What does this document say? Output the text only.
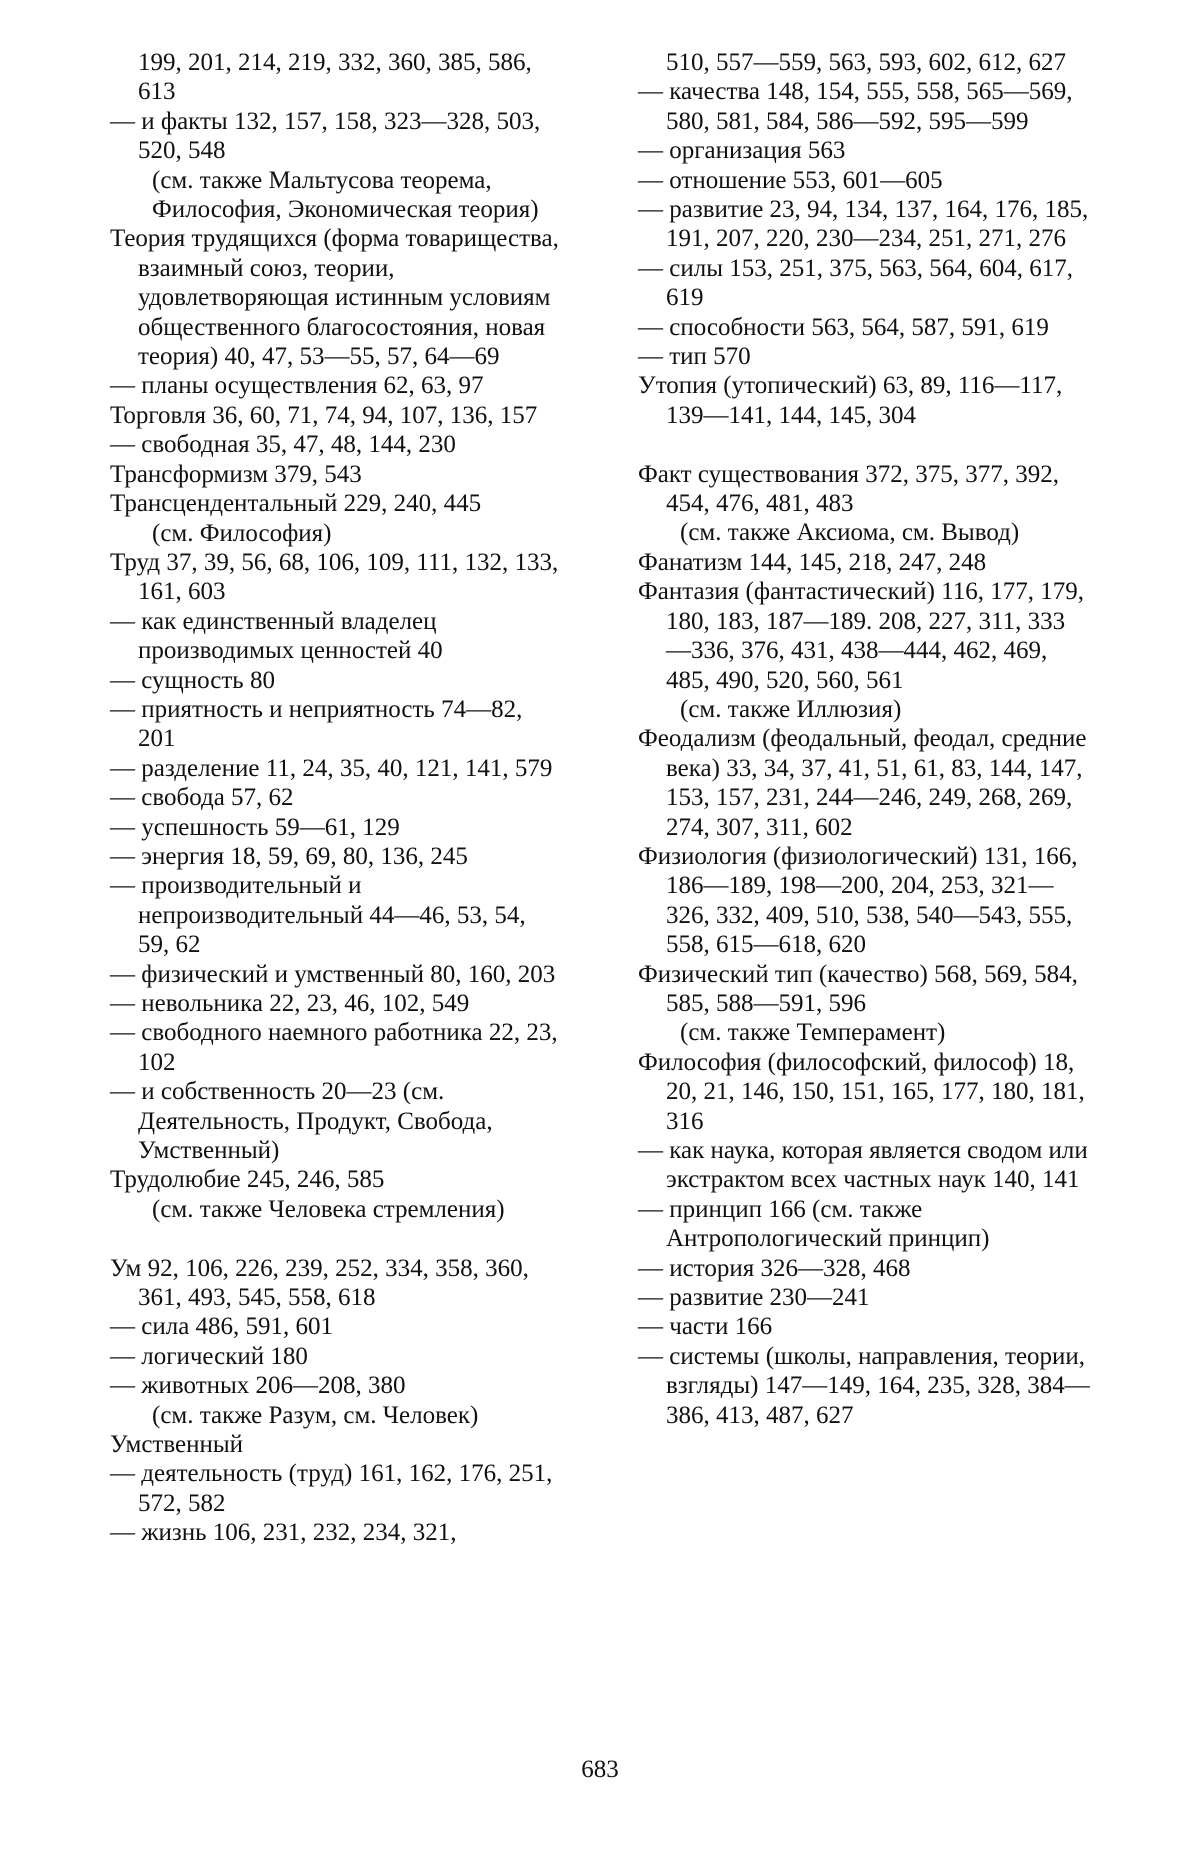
199, 201, 214, 219, 332, 360, 385, 586, 613
— и факты 132, 157, 158, 323—328, 503, 520, 548
(см. также Мальтусова теорема, Философия, Экономическая теория)
Теория трудящихся (форма товарищества, взаимный союз, теории, удовлетворяющая истинным условиям общественного благосостояния, новая теория) 40, 47, 53—55, 57, 64—69
— планы осуществления 62, 63, 97
Торговля 36, 60, 71, 74, 94, 107, 136, 157
— свободная 35, 47, 48, 144, 230
Трансформизм 379, 543
Трансцендентальный 229, 240, 445
(см. Философия)
Труд 37, 39, 56, 68, 106, 109, 111, 132, 133, 161, 603
— как единственный владелец производимых ценностей 40
— сущность 80
— приятность и неприятность 74—82, 201
— разделение 11, 24, 35, 40, 121, 141, 579
— свобода 57, 62
— успешность 59—61, 129
— энергия 18, 59, 69, 80, 136, 245
— производительный и непроизводительный 44—46, 53, 54, 59, 62
— физический и умственный 80, 160, 203
— невольника 22, 23, 46, 102, 549
— свободного наемного работника 22, 23, 102
— и собственность 20—23 (см. Деятельность, Продукт, Свобода, Умственный)
Трудолюбие 245, 246, 585
(см. также Человека стремления)
Ум 92, 106, 226, 239, 252, 334, 358, 360, 361, 493, 545, 558, 618
— сила 486, 591, 601
— логический 180
— животных 206—208, 380
(см. также Разум, см. Человек)
Умственный
— деятельность (труд) 161, 162, 176, 251, 572, 582
— жизнь 106, 231, 232, 234, 321,
510, 557—559, 563, 593, 602, 612, 627
— качества 148, 154, 555, 558, 565—569, 580, 581, 584, 586—592, 595—599
— организация 563
— отношение 553, 601—605
— развитие 23, 94, 134, 137, 164, 176, 185, 191, 207, 220, 230—234, 251, 271, 276
— силы 153, 251, 375, 563, 564, 604, 617, 619
— способности 563, 564, 587, 591, 619
— тип 570
Утопия (утопический) 63, 89, 116—117, 139—141, 144, 145, 304
Факт существования 372, 375, 377, 392, 454, 476, 481, 483
(см. также Аксиома, см. Вывод)
Фанатизм 144, 145, 218, 247, 248
Фантазия (фантастический) 116, 177, 179, 180, 183, 187—189. 208, 227, 311, 333—336, 376, 431, 438—444, 462, 469, 485, 490, 520, 560, 561
(см. также Иллюзия)
Феодализм (феодальный, феодал, средние века) 33, 34, 37, 41, 51, 61, 83, 144, 147, 153, 157, 231, 244—246, 249, 268, 269, 274, 307, 311, 602
Физиология (физиологический) 131, 166, 186—189, 198—200, 204, 253, 321—326, 332, 409, 510, 538, 540—543, 555, 558, 615—618, 620
Физический тип (качество) 568, 569, 584, 585, 588—591, 596
(см. также Темперамент)
Философия (философский, философ) 18, 20, 21, 146, 150, 151, 165, 177, 180, 181, 316
— как наука, которая является сводом или экстрактом всех частных наук 140, 141
— принцип 166 (см. также Антропологический принцип)
— история 326—328, 468
— развитие 230—241
— части 166
— системы (школы, направления, теории, взгляды) 147—149, 164, 235, 328, 384—386, 413, 487, 627
683
